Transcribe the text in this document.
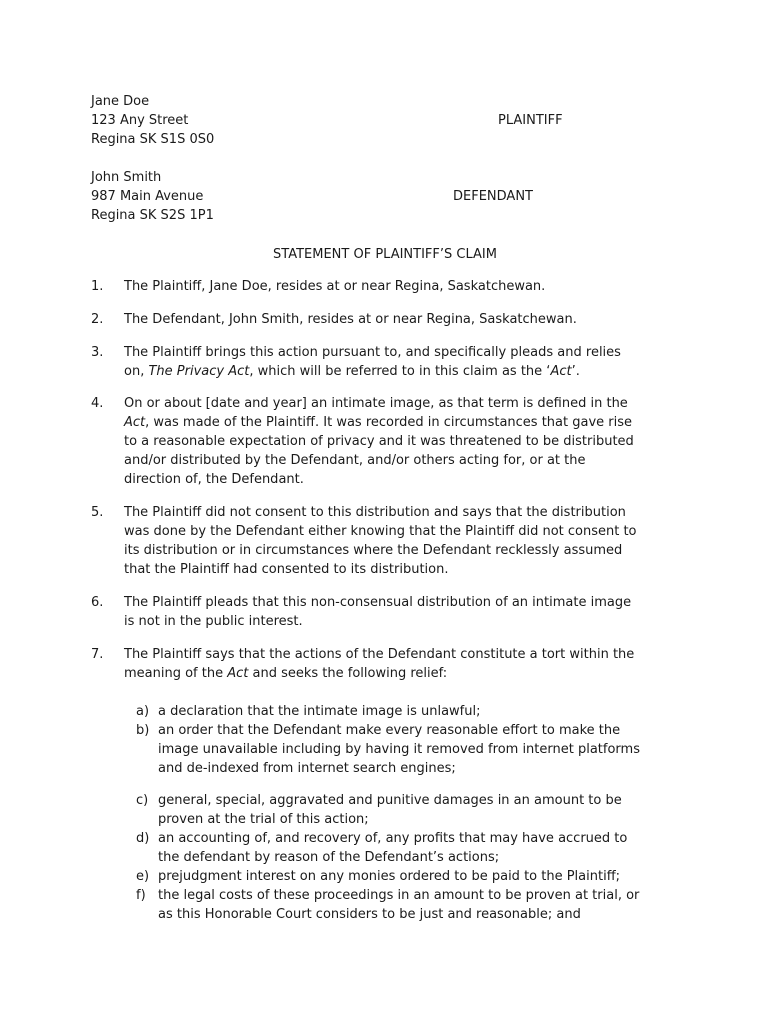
Jane Doe
123 Any Street
Regina SK S1S 0S0
PLAINTIFF
John Smith
987 Main Avenue
Regina SK S2S 1P1
DEFENDANT
STATEMENT OF PLAINTIFF’S CLAIM
1. The Plaintiff, Jane Doe, resides at or near Regina, Saskatchewan.
2. The Defendant, John Smith, resides at or near Regina, Saskatchewan.
3. The Plaintiff brings this action pursuant to, and specifically pleads and relies
on, The Privacy Act, which will be referred to in this claim as the ‘Act’.
4. On or about [date and year] an intimate image, as that term is defined in the
Act, was made of the Plaintiff. It was recorded in circumstances that gave rise
to a reasonable expectation of privacy and it was threatened to be distributed
and/or distributed by the Defendant, and/or others acting for, or at the
direction of, the Defendant.
5. The Plaintiff did not consent to this distribution and says that the distribution
was done by the Defendant either knowing that the Plaintiff did not consent to
its distribution or in circumstances where the Defendant recklessly assumed
that the Plaintiff had consented to its distribution.
6. The Plaintiff pleads that this non-consensual distribution of an intimate image
is not in the public interest.
7. The Plaintiff says that the actions of the Defendant constitute a tort within the
meaning of the Act and seeks the following relief:
a) a declaration that the intimate image is unlawful;
b) an order that the Defendant make every reasonable effort to make the
image unavailable including by having it removed from internet platforms
and de-indexed from internet search engines;
c) general, special, aggravated and punitive damages in an amount to be
proven at the trial of this action;
d) an accounting of, and recovery of, any profits that may have accrued to
the defendant by reason of the Defendant’s actions;
e) prejudgment interest on any monies ordered to be paid to the Plaintiff;
f) the legal costs of these proceedings in an amount to be proven at trial, or
as this Honorable Court considers to be just and reasonable; and
